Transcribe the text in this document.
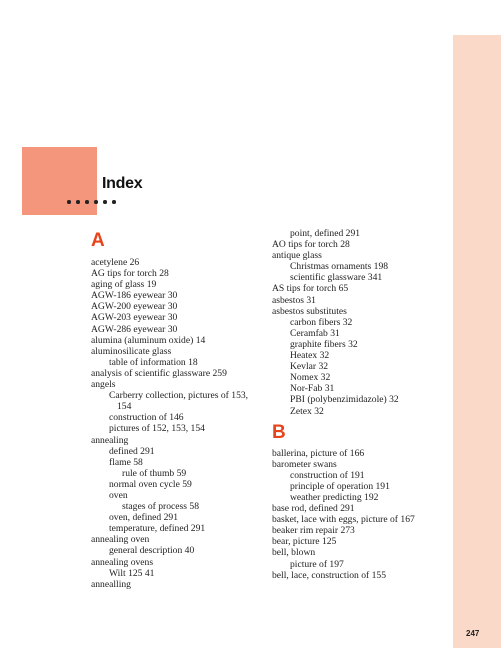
Index
A
acetylene 26
AG tips for torch 28
aging of glass 19
AGW-186 eyewear 30
AGW-200 eyewear 30
AGW-203 eyewear 30
AGW-286 eyewear 30
alumina (aluminum oxide) 14
aluminosilicate glass
table of information 18
analysis of scientific glassware 259
angels
Carberry collection, pictures of 153,
154
construction of 146
pictures of 152, 153, 154
annealing
defined 291
flame 58
rule of thumb 59
normal oven cycle 59
oven
stages of process 58
oven, defined 291
temperature, defined 291
annealing oven
general description 40
annealing ovens
Wilt 125 41
annealling
point, defined 291
AO tips for torch 28
antique glass
Christmas ornaments 198
scientific glassware 341
AS tips for torch 65
asbestos 31
asbestos substitutes
carbon fibers 32
Ceramfab 31
graphite fibers 32
Heatex 32
Kevlar 32
Nomex 32
Nor-Fab 31
PBI (polybenzimidazole) 32
Zetex 32
B
ballerina, picture of 166
barometer swans
construction of 191
principle of operation 191
weather predicting 192
base rod, defined 291
basket, lace with eggs, picture of 167
beaker rim repair 273
bear, picture 125
bell, blown
picture of 197
bell, lace, construction of 155
247
